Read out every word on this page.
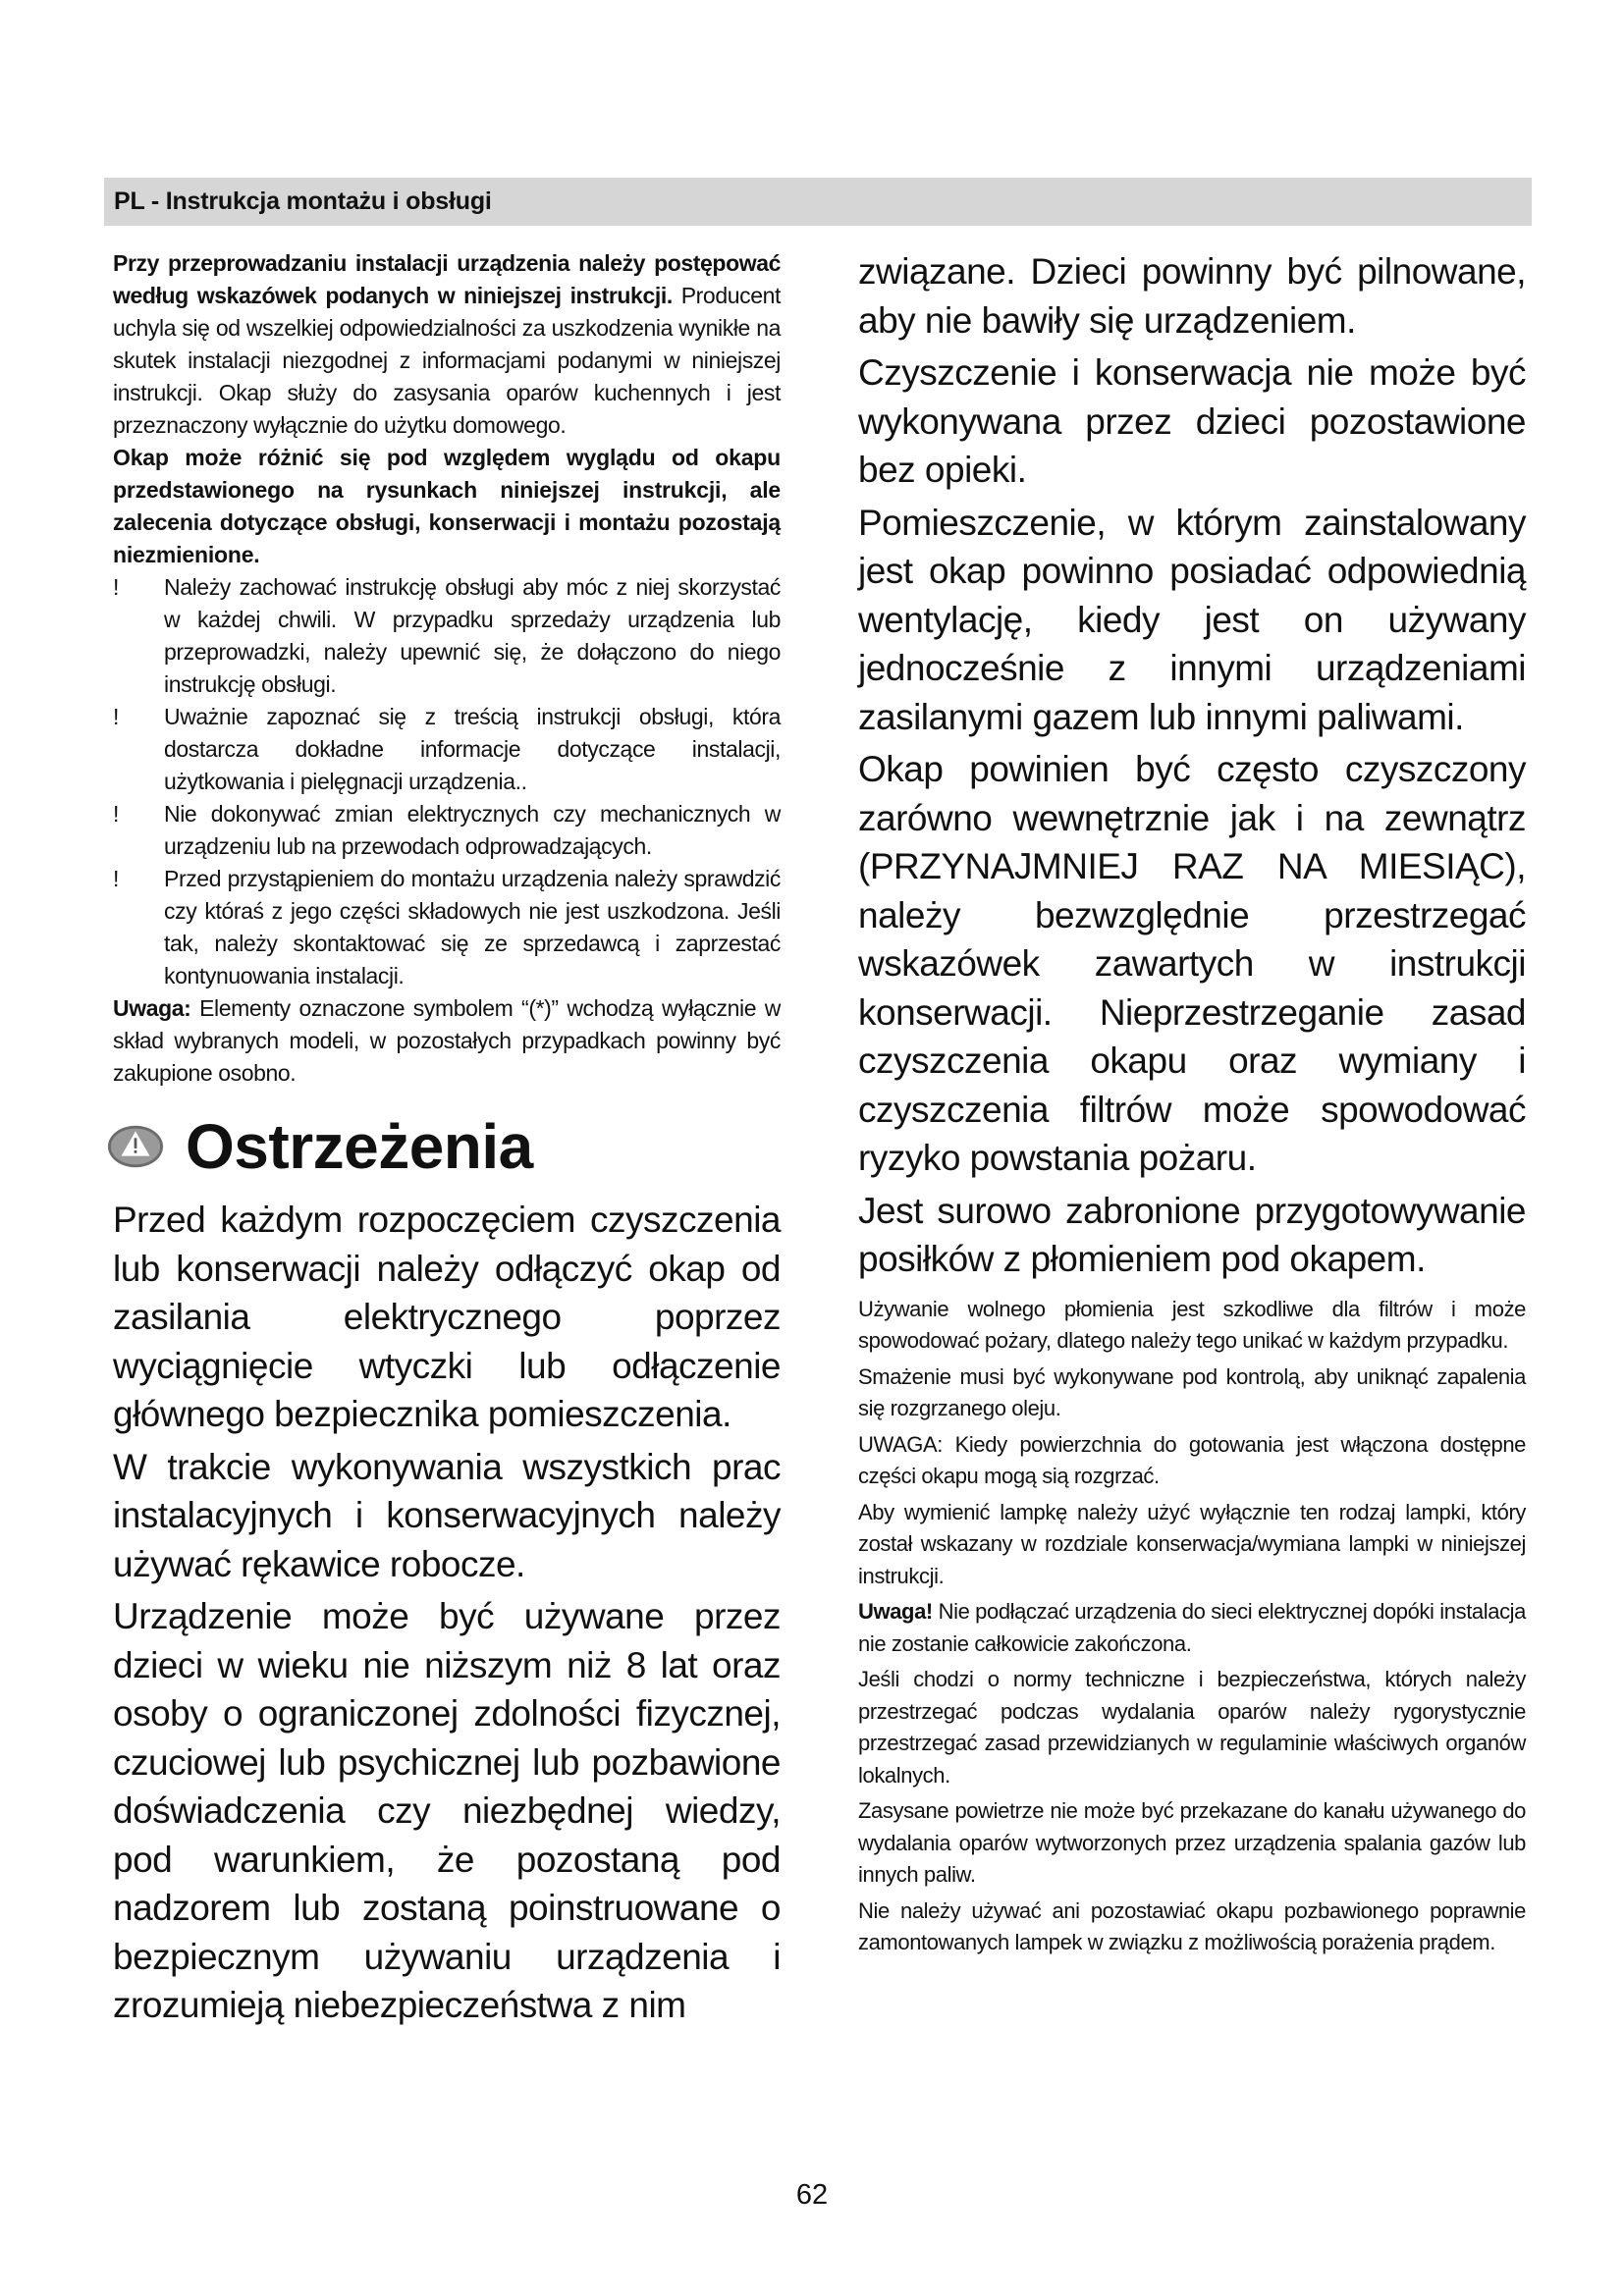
PL - Instrukcja montażu i obsługi

Przy przeprowadzaniu instalacji urządzenia należy postępować według wskazówek podanych w niniejszej instrukcji. Producent uchyla się od wszelkiej odpowiedzialności za uszkodzenia wynikłe na skutek instalacji niezgodnej z informacjami podanymi w niniejszej instrukcji. Okap służy do zasysania oparów kuchennych i jest przeznaczony wyłącznie do użytku domowego.

Okap może różnić się pod względem wyglądu od okapu przedstawionego na rysunkach niniejszej instrukcji, ale zalecenia dotyczące obsługi, konserwacji i montażu pozostają niezmienione.

!	Należy zachować instrukcję obsługi aby móc z niej skorzystać w każdej chwili. W przypadku sprzedaży urządzenia lub przeprowadzki, należy upewnić się, że dołączono do niego instrukcję obsługi.
!	Uważnie zapoznać się z treścią instrukcji obsługi, która dostarcza dokładne informacje dotyczące instalacji, użytkowania i pielęgnacji urządzenia..
!	Nie dokonywać zmian elektrycznych czy mechanicznych w urządzeniu lub na przewodach odprowadzających.
!	Przed przystąpieniem do montażu urządzenia należy sprawdzić czy któraś z jego części składowych nie jest uszkodzona. Jeśli tak, należy skontaktować się ze sprzedawcą i zaprzestać kontynuowania instalacji.

Uwaga: Elementy oznaczone symbolem “(*)” wchodzą wyłącznie w skład wybranych modeli, w pozostałych przypadkach powinny być zakupione osobno.

Ostrzeżenia

Przed każdym rozpoczęciem czyszczenia lub konserwacji należy odłączyć okap od zasilania elektrycznego poprzez wyciągnięcie wtyczki lub odłączenie głównego bezpiecznika pomieszczenia.

W trakcie wykonywania wszystkich prac instalacyjnych i konserwacyjnych należy używać rękawice robocze.

Urządzenie może być używane przez dzieci w wieku nie niższym niż 8 lat oraz osoby o ograniczonej zdolności fizycznej, czuciowej lub psychicznej lub pozbawione doświadczenia czy niezbędnej wiedzy, pod warunkiem, że pozostaną pod nadzorem lub zostaną poinstruowane o bezpiecznym używaniu urządzenia i zrozumieją niebezpieczeństwa z nim

związane. Dzieci powinny być pilnowane, aby nie bawiły się urządzeniem.

Czyszczenie i konserwacja nie może być wykonywana przez dzieci pozostawione bez opieki.

Pomieszczenie, w którym zainstalowany jest okap powinno posiadać odpowiednią wentylację, kiedy jest on używany jednocześnie z innymi urządzeniami zasilanymi gazem lub innymi paliwami.

Okap powinien być często czyszczony zarówno wewnętrznie jak i na zewnątrz (PRZYNAJMNIEJ RAZ NA MIESIĄC), należy bezwzględnie przestrzegać wskazówek zawartych w instrukcji konserwacji. Nieprzestrzeganie zasad czyszczenia okapu oraz wymiany i czyszczenia filtrów może spowodować ryzyko powstania pożaru.

Jest surowo zabronione przygotowywanie posiłków z płomieniem pod okapem.

Używanie wolnego płomienia jest szkodliwe dla filtrów i może spowodować pożary, dlatego należy tego unikać w każdym przypadku.

Smażenie musi być wykonywane pod kontrolą, aby uniknąć zapalenia się rozgrzanego oleju.

UWAGA: Kiedy powierzchnia do gotowania jest włączona dostępne części okapu mogą sią rozgrzać.

Aby wymienić lampkę należy użyć wyłącznie ten rodzaj lampki, który został wskazany w rozdziale konserwacja/wymiana lampki w niniejszej instrukcji.

Uwaga! Nie podłączać urządzenia do sieci elektrycznej dopóki instalacja nie zostanie całkowicie zakończona.

Jeśli chodzi o normy techniczne i bezpieczeństwa, których należy przestrzegać podczas wydalania oparów należy rygorystycznie przestrzegać zasad przewidzianych w regulaminie właściwych organów lokalnych.

Zasysane powietrze nie może być przekazane do kanału używanego do wydalania oparów wytworzonych przez urządzenia spalania gazów lub innych paliw.

Nie należy używać ani pozostawiać okapu pozbawionego poprawnie zamontowanych lampek w związku z możliwością porażenia prądem.

62
